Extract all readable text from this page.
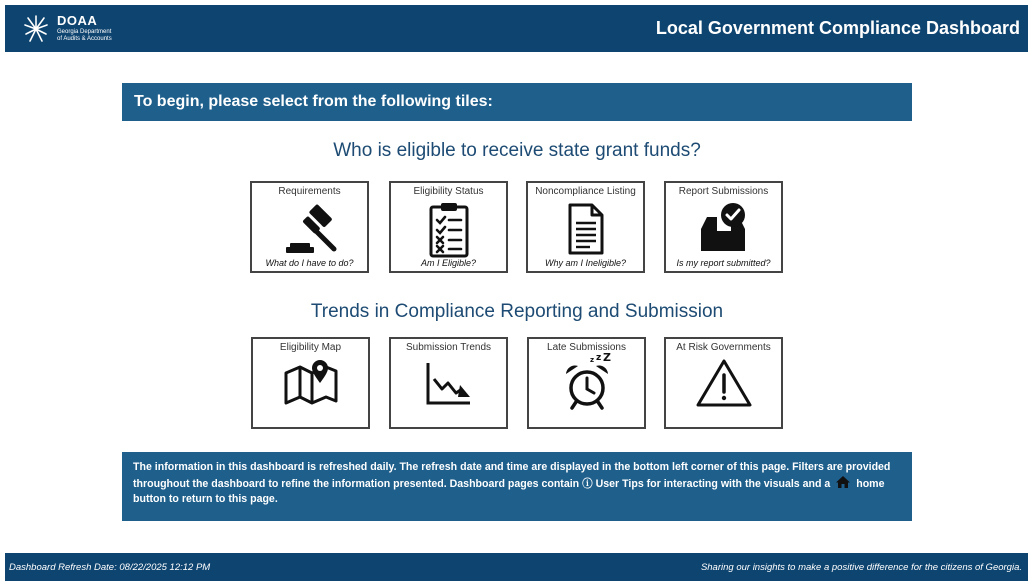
DOAA
Georgia Department
of Audits & Accounts
Local Government Compliance Dashboard
To begin, please select from the following tiles:
Who is eligible to receive state grant funds?
Requirements
What do I have to do?
Eligibility Status
Am I Eligible?
Noncompliance Listing
Why am I Ineligible?
Report Submissions
Is my report submitted?
Trends in Compliance Reporting and Submission
Eligibility Map	Submission Trends	Late Submissions
z z Z
At Risk Governments
The information in this dashboard is refreshed daily. The refresh date and time are displayed in the bottom left corner of this page. Filters are provided throughout the dashboard to refine the information presented. Dashboard pages contain ⓘ User Tips for interacting with the visuals and a home button to return to this page.
Dashboard Refresh Date: 08/22/2025 12:12 PM	Sharing our insights to make a positive difference for the citizens of Georgia.
